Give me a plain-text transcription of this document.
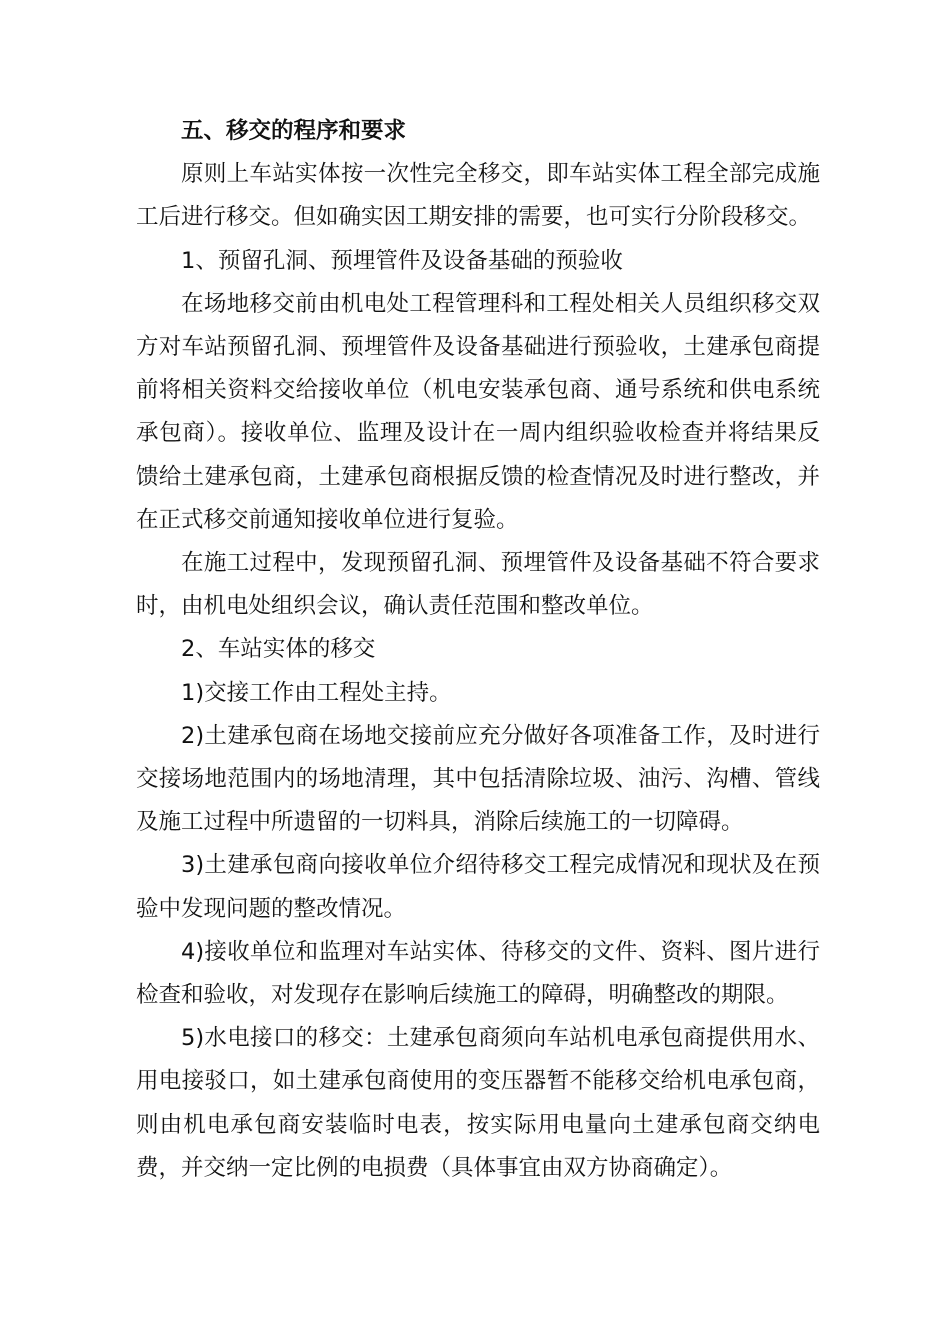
五、移交的程序和要求

原则上车站实体按一次性完全移交，即车站实体工程全部完成施工后进行移交。但如确实因工期安排的需要，也可实行分阶段移交。

1、预留孔洞、预埋管件及设备基础的预验收

在场地移交前由机电处工程管理科和工程处相关人员组织移交双方对车站预留孔洞、预埋管件及设备基础进行预验收，土建承包商提前将相关资料交给接收单位（机电安装承包商、通号系统和供电系统承包商）。接收单位、监理及设计在一周内组织验收检查并将结果反馈给土建承包商，土建承包商根据反馈的检查情况及时进行整改，并在正式移交前通知接收单位进行复验。

在施工过程中，发现预留孔洞、预埋管件及设备基础不符合要求时，由机电处组织会议，确认责任范围和整改单位。

2、车站实体的移交

1)交接工作由工程处主持。

2)土建承包商在场地交接前应充分做好各项准备工作，及时进行交接场地范围内的场地清理，其中包括清除垃圾、油污、沟槽、管线及施工过程中所遗留的一切料具，消除后续施工的一切障碍。

3)土建承包商向接收单位介绍待移交工程完成情况和现状及在预验中发现问题的整改情况。

4)接收单位和监理对车站实体、待移交的文件、资料、图片进行检查和验收，对发现存在影响后续施工的障碍，明确整改的期限。

5)水电接口的移交：土建承包商须向车站机电承包商提供用水、用电接驳口，如土建承包商使用的变压器暂不能移交给机电承包商，则由机电承包商安装临时电表，按实际用电量向土建承包商交纳电费，并交纳一定比例的电损费（具体事宜由双方协商确定）。
